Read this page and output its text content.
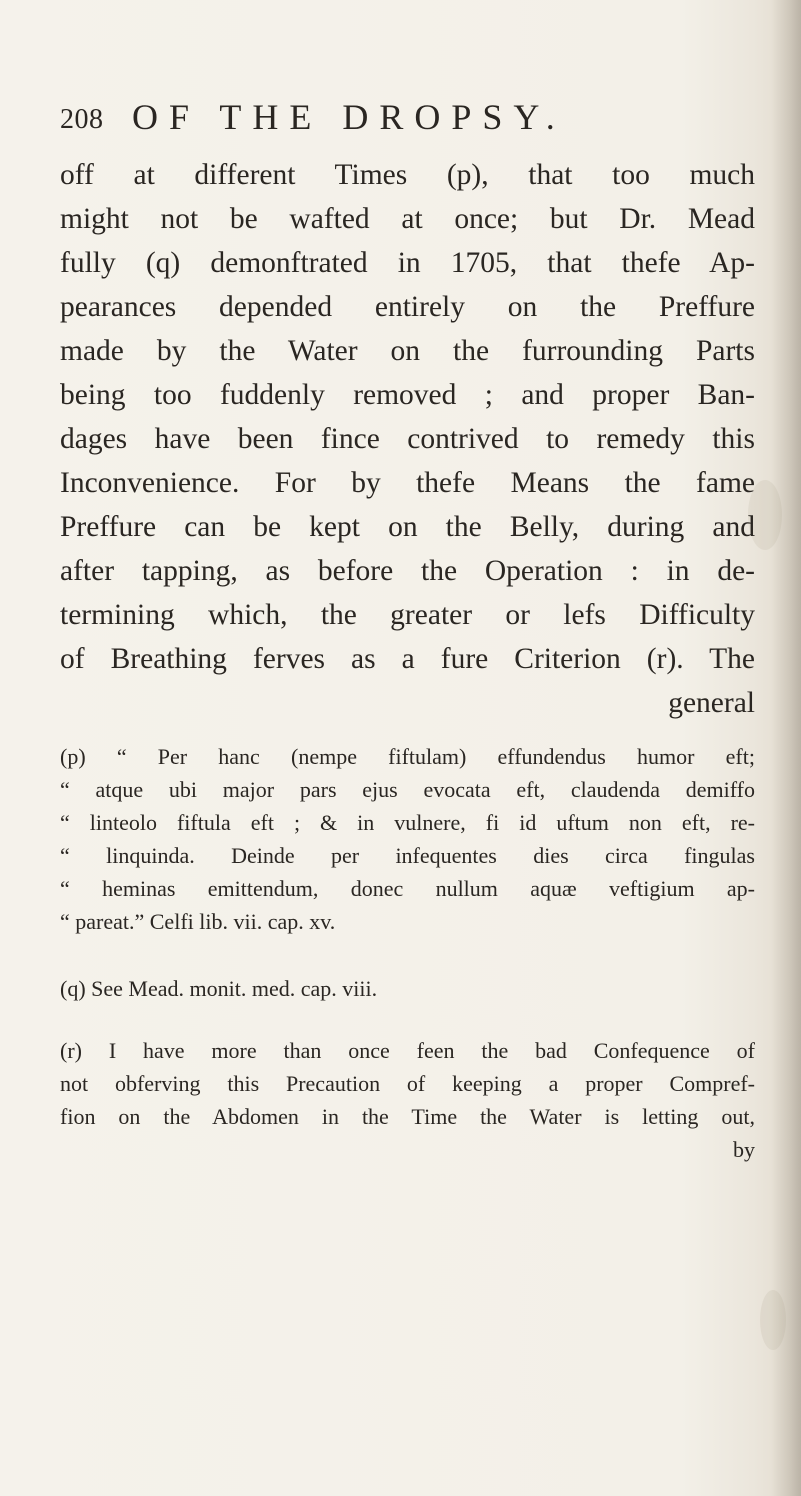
208 OF THE DROPSY.
off at different Times (p), that too much
might not be wafted at once; but Dr. Mead
fully (q) demonftrated in 1705, that thefe Ap-
pearances depended entirely on the Preffure
made by the Water on the furrounding Parts
being too fuddenly removed ; and proper Ban-
dages have been fince contrived to remedy this
Inconvenience. For by thefe Means the fame
Preffure can be kept on the Belly, during and
after tapping, as before the Operation : in de-
termining which, the greater or lefs Difficulty
of Breathing ferves as a fure Criterion (r). The
general
(p) “ Per hanc (nempe fiftulam) effundendus humor eft;
“ atque ubi major pars ejus evocata eft, claudenda demiffo
“ linteolo fiftula eft ; & in vulnere, fi id uftum non eft, re-
“ linquinda. Deinde per infequentes dies circa fingulas
“ heminas emittendum, donec nullum aquæ veftigium ap-
“ pareat.” Celfi lib. vii. cap. xv.
(q) See Mead. monit. med. cap. viii.
(r) I have more than once feen the bad Confequence of
not obferving this Precaution of keeping a proper Compref-
fion on the Abdomen in the Time the Water is letting out,
by
